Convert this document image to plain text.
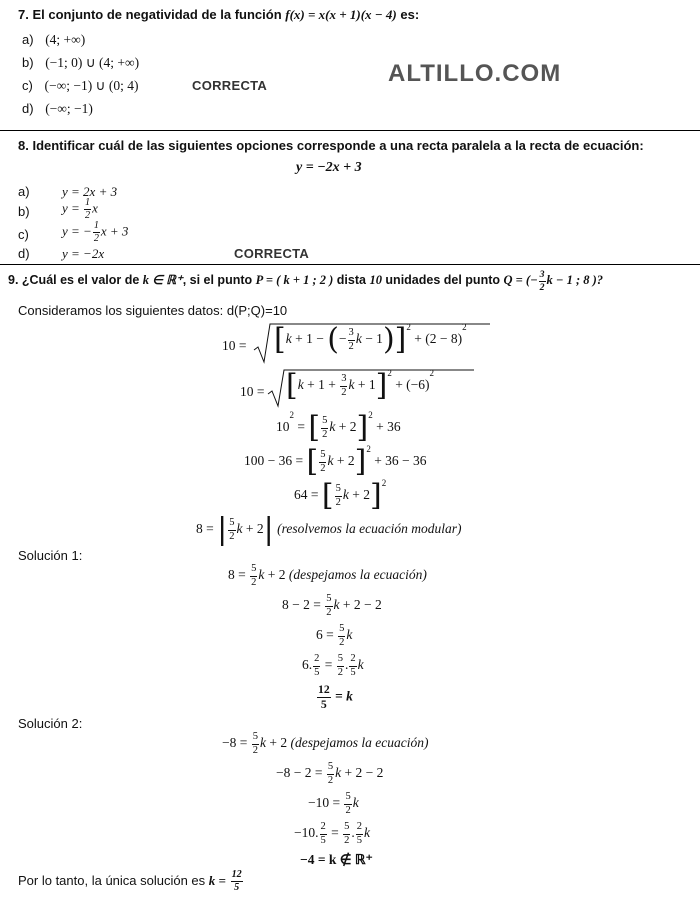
ALTILLO.COM
7. El conjunto de negatividad de la función f(x) = x(x + 1)(x − 4) es:
a) (4; +∞)
b) (−1; 0) ∪ (4; +∞)
c) (−∞; −1) ∪ (0; 4)	CORRECTA
d) (−∞; −1)
8. Identificar cuál de las siguientes opciones corresponde a una recta paralela a la recta de ecuación:
y = −2x + 3
a) y = 2x + 3
b) $y = \frac{1}{2}$ x
c)	y = − $\frac{1}{2}$ x + 3
d) y = −2x	CORRECTA
9. ¿Cuál es el valor de k ∈ ℝ⁺, si el punto P = ( k + 1 ; 2 ) dista 10 unidades del punto Q = (− $\frac{3}{2}$ k − 1 ; 8 )?
Consideramos los siguientes datos: d(P;Q)=10
10 = [k + 1 − (− $\frac{3}{2}$ $k - 1)]^2 + (2 - 8)^2$
$10 = [k + 1 + \frac{3}{2}$ $k + 1]^2 + (-6)^2$
$10^2$ = [ $\frac{5}{2}$ k + 2]$^2$ + 36
100 − 36 = [ $\frac{5}{2}$ k + 2]$^2$ + 36 − 36
64 = [ $\frac{5}{2}$ k + 2]$^2$
8 = | $\frac{5}{2}$ k + 2| (resolvemos la ecuación modular)
Solución 1:
$8 = \frac{5}{2}$ k + 2 (despejamos la ecuación)
$8 - 2 = \frac{5}{2}$ k + 2 − 2
$6 = \frac{5}{2}$ k
6. $\frac{2}{5} = \frac{5}{2}$ . $\frac{2}{5}$ k
$\frac{12}{5} = k$
Solución 2:
$-8 = \frac{5}{2}$ k + 2 (despejamos la ecuación)
$-8 - 2 = \frac{5}{2}$ k + 2 − 2
$-10 = \frac{5}{2}$ k
−10. $\frac{2}{5} = \frac{5}{2}$ . $\frac{2}{5}$ k
−4 = k ∉ ℝ⁺
Por lo tanto, la única solución es $k = \frac{12}{5}$
